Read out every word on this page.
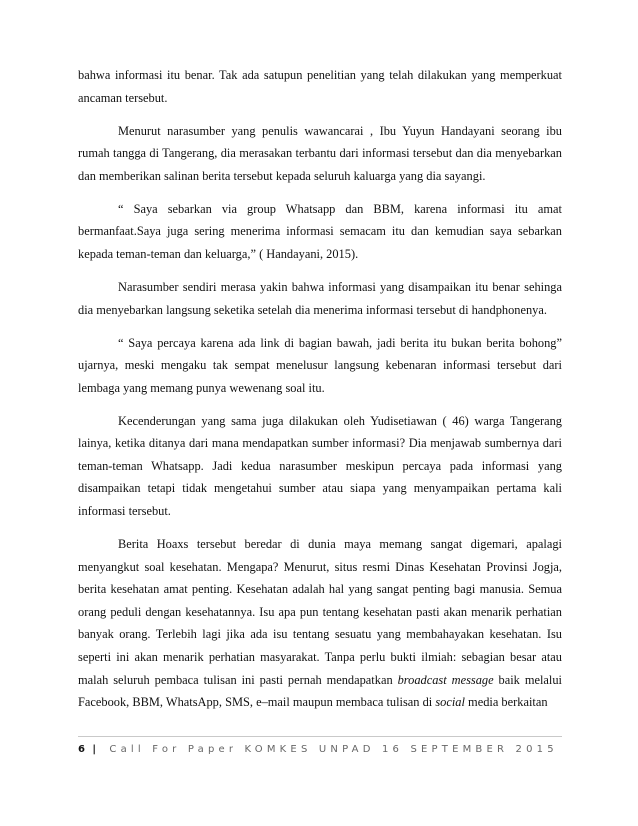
bahwa informasi itu benar. Tak ada satupun penelitian yang telah dilakukan yang memperkuat ancaman tersebut.

Menurut narasumber yang penulis wawancarai , Ibu Yuyun Handayani seorang ibu rumah tangga di Tangerang, dia merasakan terbantu dari informasi tersebut dan dia menyebarkan dan memberikan salinan berita tersebut kepada seluruh kaluarga yang dia sayangi.

“ Saya sebarkan via group Whatsapp dan BBM, karena informasi itu amat bermanfaat.Saya juga sering menerima informasi semacam itu dan kemudian saya sebarkan kepada teman-teman dan keluarga,” ( Handayani, 2015).

Narasumber sendiri merasa yakin bahwa informasi yang disampaikan itu benar sehinga dia menyebarkan langsung seketika setelah dia menerima informasi tersebut di handphonenya.

“ Saya percaya karena ada link di bagian bawah, jadi berita itu bukan berita bohong” ujarnya, meski mengaku tak sempat menelusur langsung kebenaran informasi tersebut dari lembaga yang memang punya wewenang soal itu.

Kecenderungan yang sama juga dilakukan oleh Yudisetiawan ( 46) warga Tangerang lainya, ketika ditanya dari mana mendapatkan sumber informasi? Dia menjawab sumbernya dari teman-teman Whatsapp. Jadi kedua narasumber meskipun percaya pada informasi yang disampaikan tetapi tidak mengetahui sumber atau siapa yang menyampaikan pertama kali informasi tersebut.

Berita Hoaxs tersebut beredar di dunia maya memang sangat digemari, apalagi menyangkut soal kesehatan. Mengapa? Menurut, situs resmi Dinas Kesehatan Provinsi Jogja, berita kesehatan amat penting. Kesehatan adalah hal yang sangat penting bagi manusia. Semua orang peduli dengan kesehatannya. Isu apa pun tentang kesehatan pasti akan menarik perhatian banyak orang. Terlebih lagi jika ada isu tentang sesuatu yang membahayakan kesehatan. Isu seperti ini akan menarik perhatian masyarakat. Tanpa perlu bukti ilmiah: sebagian besar atau malah seluruh pembaca tulisan ini pasti pernah mendapatkan broadcast message baik melalui Facebook, BBM, WhatsApp, SMS, e–mail maupun membaca tulisan di social media berkaitan

6 | Call For Paper KOMKES UNPAD 16 SEPTEMBER 2015
